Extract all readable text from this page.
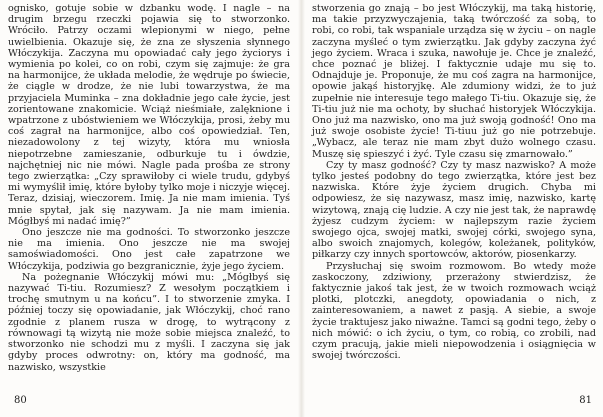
ognisko, gotuje sobie w dzbanku wodę. I nagle – na drugim brzegu rzeczki pojawia się to stworzonko. Wróciło. Patrzy oczami wlepionymi w niego, pełne uwielbienia. Okazuje się, że zna ze słyszenia słynnego Włóczykija. Zaczyna mu opowiadać cały jego życiorys i wymienia po kolei, co on robi, czym się zajmuje: że gra na harmonijce, że układa melodie, że wędruje po świecie, że ciągle w drodze, że nie lubi towarzystwa, że ma przyjaciela Muminka – zna dokładnie jego całe życie, jest zorientowane znakomicie. Wciąż nieśmiałe, zalęknione i wpatrzone z ubóstwieniem we Włóczykija, prosi, żeby mu coś zagrał na harmonijce, albo coś opowiedział. Ten, niezadowolony z tej wizyty, która mu wniosła niepotrzebne zamieszanie, odburkuje tu i ówdzie, najchętniej nic nie mówi. Nagle pada prośba ze strony tego zwierzątka: „Czy sprawiłoby ci wiele trudu, gdybyś mi wymyślił imię, które byłoby tylko moje i niczyje więcej. Teraz, dzisiaj, wieczorem. Imię. Ja nie mam imienia. Tyś mnie spytał, jak się nazywam. Ja nie mam imienia. Mógłbyś mi nadać imię?”

Ono jeszcze nie ma godności. To stworzonko jeszcze nie ma imienia. Ono jeszcze nie ma swojej samoświadomości. Ono jest całe zapatrzone we Włóczykija, podziwia go bezgranicznie, żyje jego życiem.

Na pożegnanie Włóczykij mówi mu: „Mógłbyś się nazywać Ti-tiu. Rozumiesz? Z wesołym początkiem i trochę smutnym u na końcu”. I to stworzenie zmyka. I później toczy się opowiadanie, jak Włóczykij, choć rano zgodnie z planem rusza w drogę, to wytrącony z równowagi tą wizytą nie może sobie miejsca znaleźć, to stworzonko nie schodzi mu z myśli. I zaczyna się jak gdyby proces odwrotny: on, który ma godność, ma nazwisko, wszystkie

80

stworzenia go znają – bo jest Włóczykij, ma taką historię, ma takie przyzwyczajenia, taką twórczość za sobą, to robi, co robi, tak wspaniale urządza się w życiu – on nagle zaczyna myśleć o tym zwierzątku. Jak gdyby zaczyna żyć jego życiem. Wraca i szuka, nawołuje je. Chce je znaleźć, chce poznać je bliżej. I faktycznie udaje mu się to. Odnajduje je. Proponuje, że mu coś zagra na harmonijce, opowie jakąś historyjkę. Ale zdumiony widzi, że to już zupełnie nie interesuje tego małego Ti-tiu. Okazuje się, że Ti-tiu już nie ma ochoty, by słuchać historyjek Włóczykija. Ono już ma nazwisko, ono ma już swoją godność! Ono ma już swoje osobiste życie! Ti-tiuu już go nie potrzebuje. „Wybacz, ale teraz nie mam zbyt dużo wolnego czasu. Muszę się spieszyć i żyć. Tyle czasu się zmarnowało.”

Czy ty masz godność? Czy ty masz nazwisko? A może tylko jesteś podobny do tego zwierzątka, które jest bez nazwiska. Które żyje życiem drugich. Chyba mi odpowiesz, że się nazywasz, masz imię, nazwisko, kartę wizytową, znają cię ludzie. A czy nie jest tak, że naprawdę żyjesz cudzym życiem: w najlepszym razie życiem swojego ojca, swojej matki, swojej córki, swojego syna, albo swoich znajomych, kolegów, koleżanek, polityków, piłkarzy czy innych sportowców, aktorów, piosenkarzy.

Przysłuchaj się swoim rozmowom. Bo wtedy może zaskoczony, zdziwiony, przerażony stwierdzisz, że faktycznie jakoś tak jest, że w twoich rozmowach wciąż plotki, plotczki, anegdoty, opowiadania o nich, z zainteresowaniem, a nawet z pasją. A siebie, a swoje życie traktujesz jako niważne. Tamci są godni tego, żeby o nich mówić: o ich życiu, o tym, co robią, co zrobili, nad czym pracują, jakie mieli niepowodzenia i osiągnięcia w swojej twórczości.

81
